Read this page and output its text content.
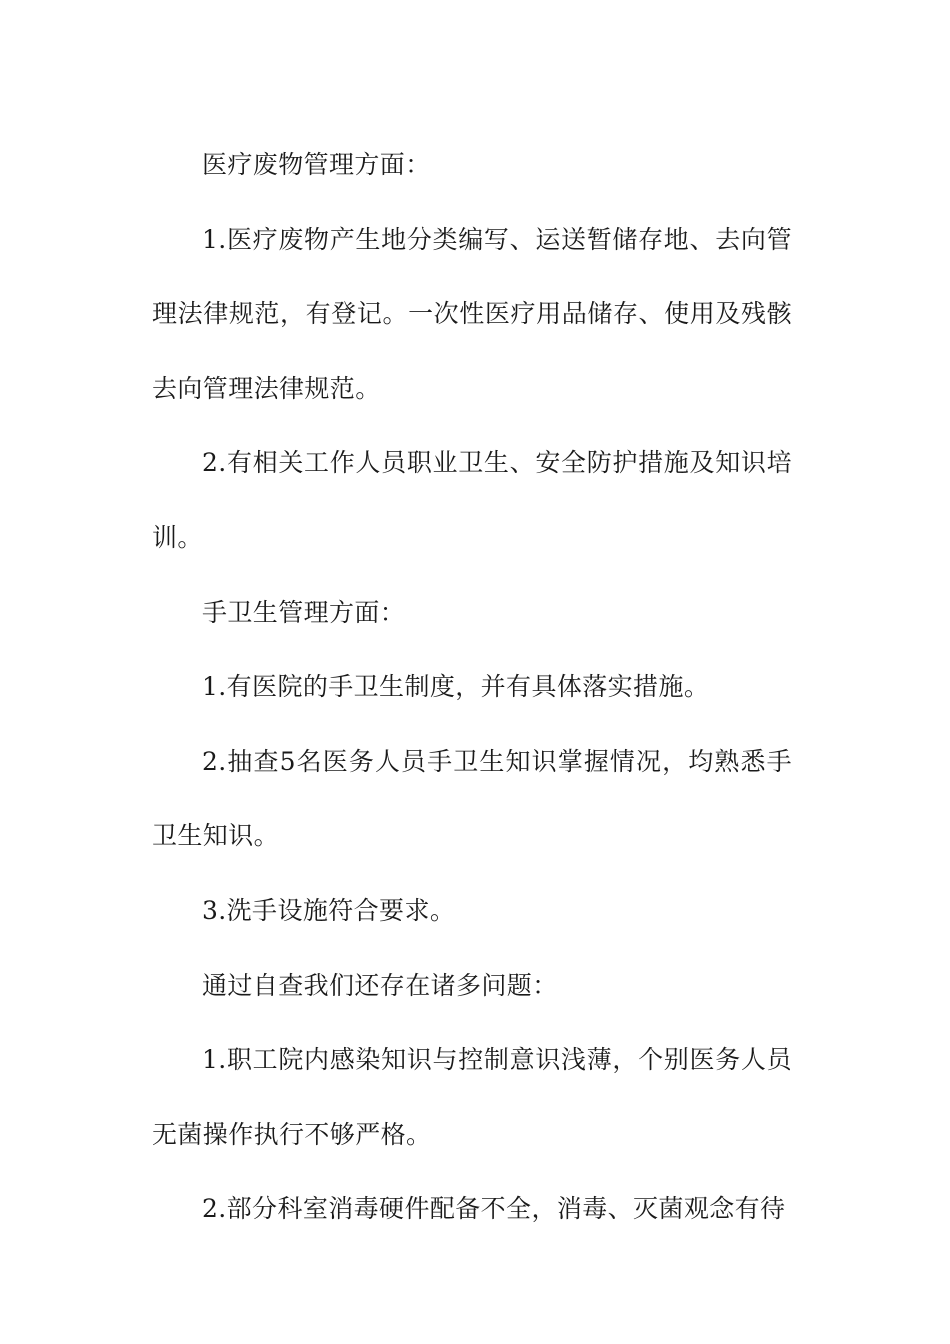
医疗废物管理方面：

1.医疗废物产生地分类编写、运送暂储存地、去向管理法律规范，有登记。一次性医疗用品储存、使用及残骸去向管理法律规范。

2.有相关工作人员职业卫生、安全防护措施及知识培训。

手卫生管理方面：

1.有医院的手卫生制度，并有具体落实措施。

2.抽查5名医务人员手卫生知识掌握情况，均熟悉手卫生知识。

3.洗手设施符合要求。

通过自查我们还存在诸多问题：

1.职工院内感染知识与控制意识浅薄，个别医务人员无菌操作执行不够严格。

2.部分科室消毒硬件配备不全，消毒、灭菌观念有待
